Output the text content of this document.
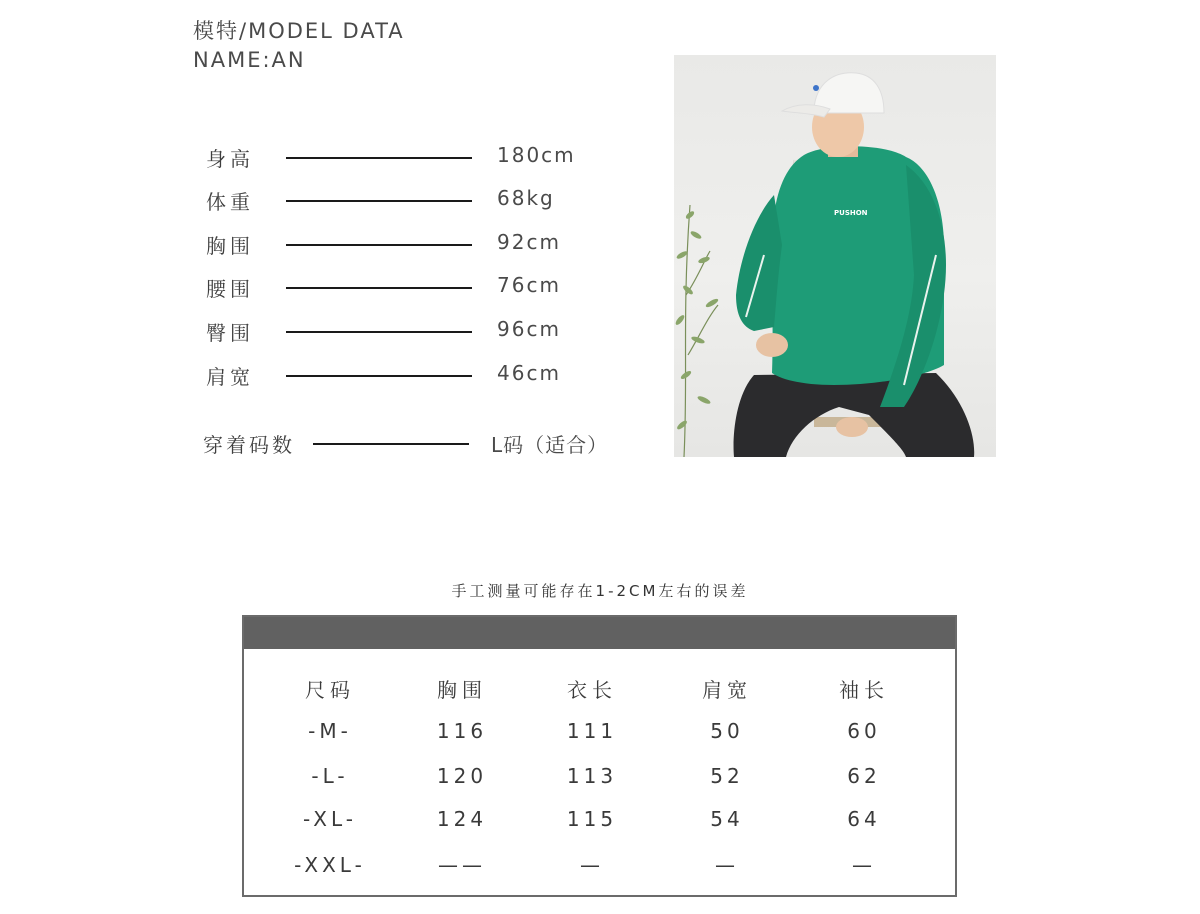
模特/MODEL DATA
NAME:AN
身高	180cm
体重	68kg
胸围	92cm
腰围	76cm
臀围	96cm
肩宽	46cm
穿着码数	L码（适合）
PUSHON
手工测量可能存在1-2CM左右的误差
尺码	胸围	衣长	肩宽	袖长
-M-	116	111	50	60
-L-	120	113	52	62
-XL-	124	115	54	64
-XXL-	——	—	—	—
